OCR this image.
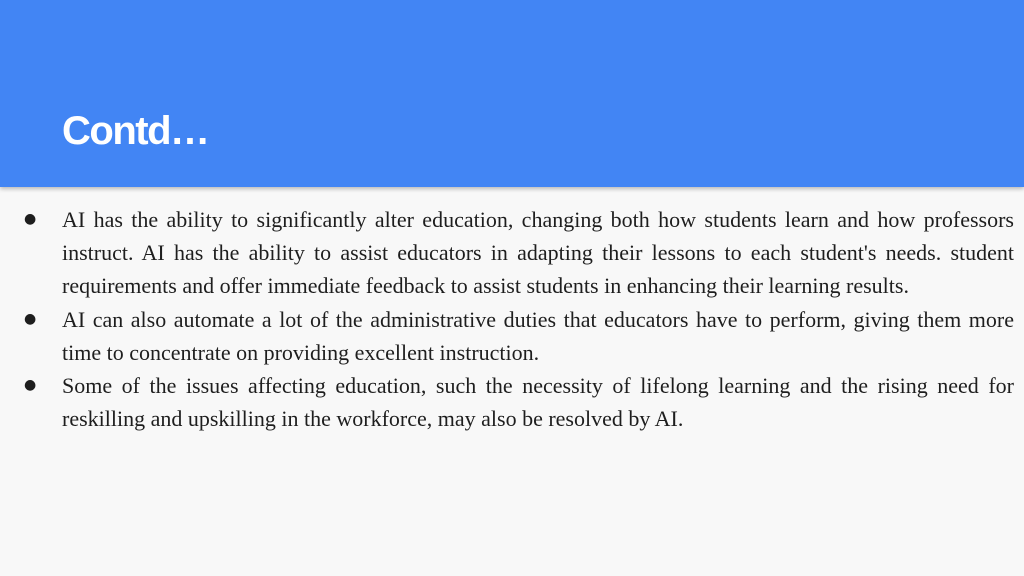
Contd…
● AI has the ability to significantly alter education, changing both how students learn and how professors instruct. AI has the ability to assist educators in adapting their lessons to each student's needs. student requirements and offer immediate feedback to assist students in enhancing their learning results.
● AI can also automate a lot of the administrative duties that educators have to perform, giving them more time to concentrate on providing excellent instruction.
● Some of the issues affecting education, such the necessity of lifelong learning and the rising need for reskilling and upskilling in the workforce, may also be resolved by AI.
